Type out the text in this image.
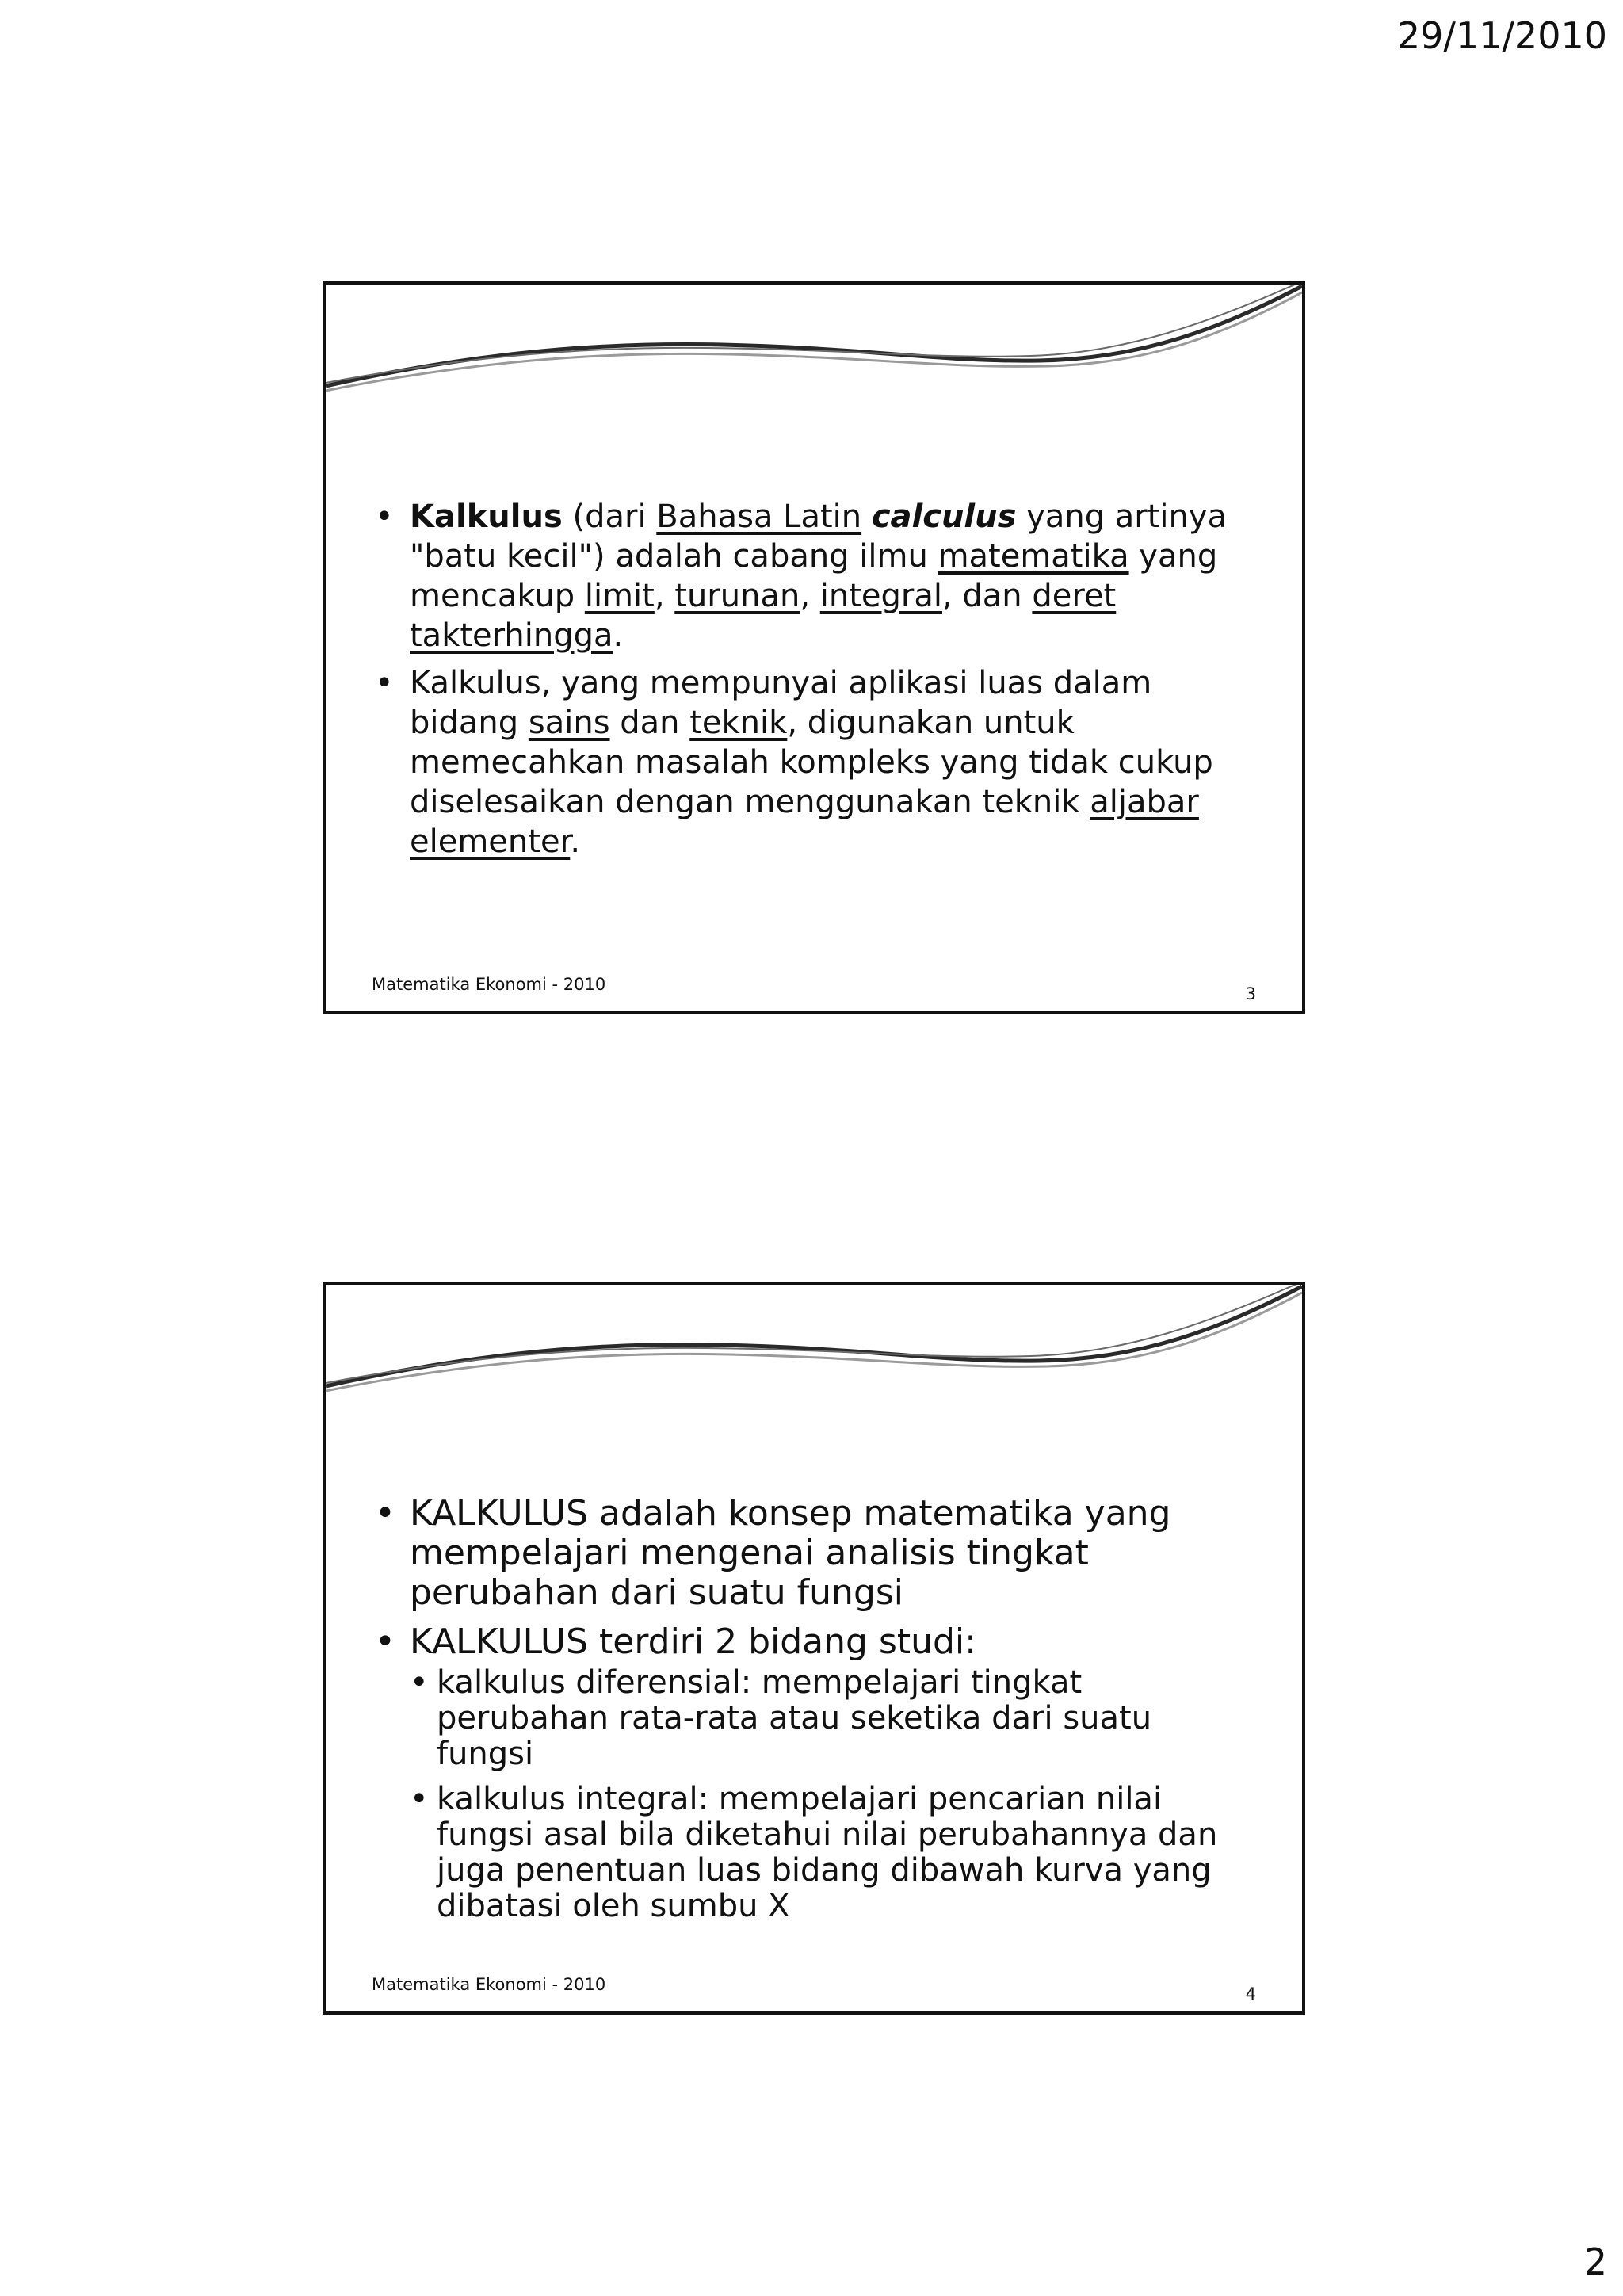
29/11/2010
• Kalkulus (dari Bahasa Latin calculus yang artinya "batu kecil") adalah cabang ilmu matematika yang mencakup limit, turunan, integral, dan deret takterhingga.
• Kalkulus, yang mempunyai aplikasi luas dalam bidang sains dan teknik, digunakan untuk memecahkan masalah kompleks yang tidak cukup diselesaikan dengan menggunakan teknik aljabar elementer.
Matematika Ekonomi - 2010	3
• KALKULUS adalah konsep matematika yang mempelajari mengenai analisis tingkat perubahan dari suatu fungsi
• KALKULUS terdiri 2 bidang studi:
• kalkulus diferensial: mempelajari tingkat perubahan rata-rata atau seketika dari suatu fungsi
• kalkulus integral: mempelajari pencarian nilai fungsi asal bila diketahui nilai perubahannya dan juga penentuan luas bidang dibawah kurva yang dibatasi oleh sumbu X
Matematika Ekonomi - 2010	4
2
